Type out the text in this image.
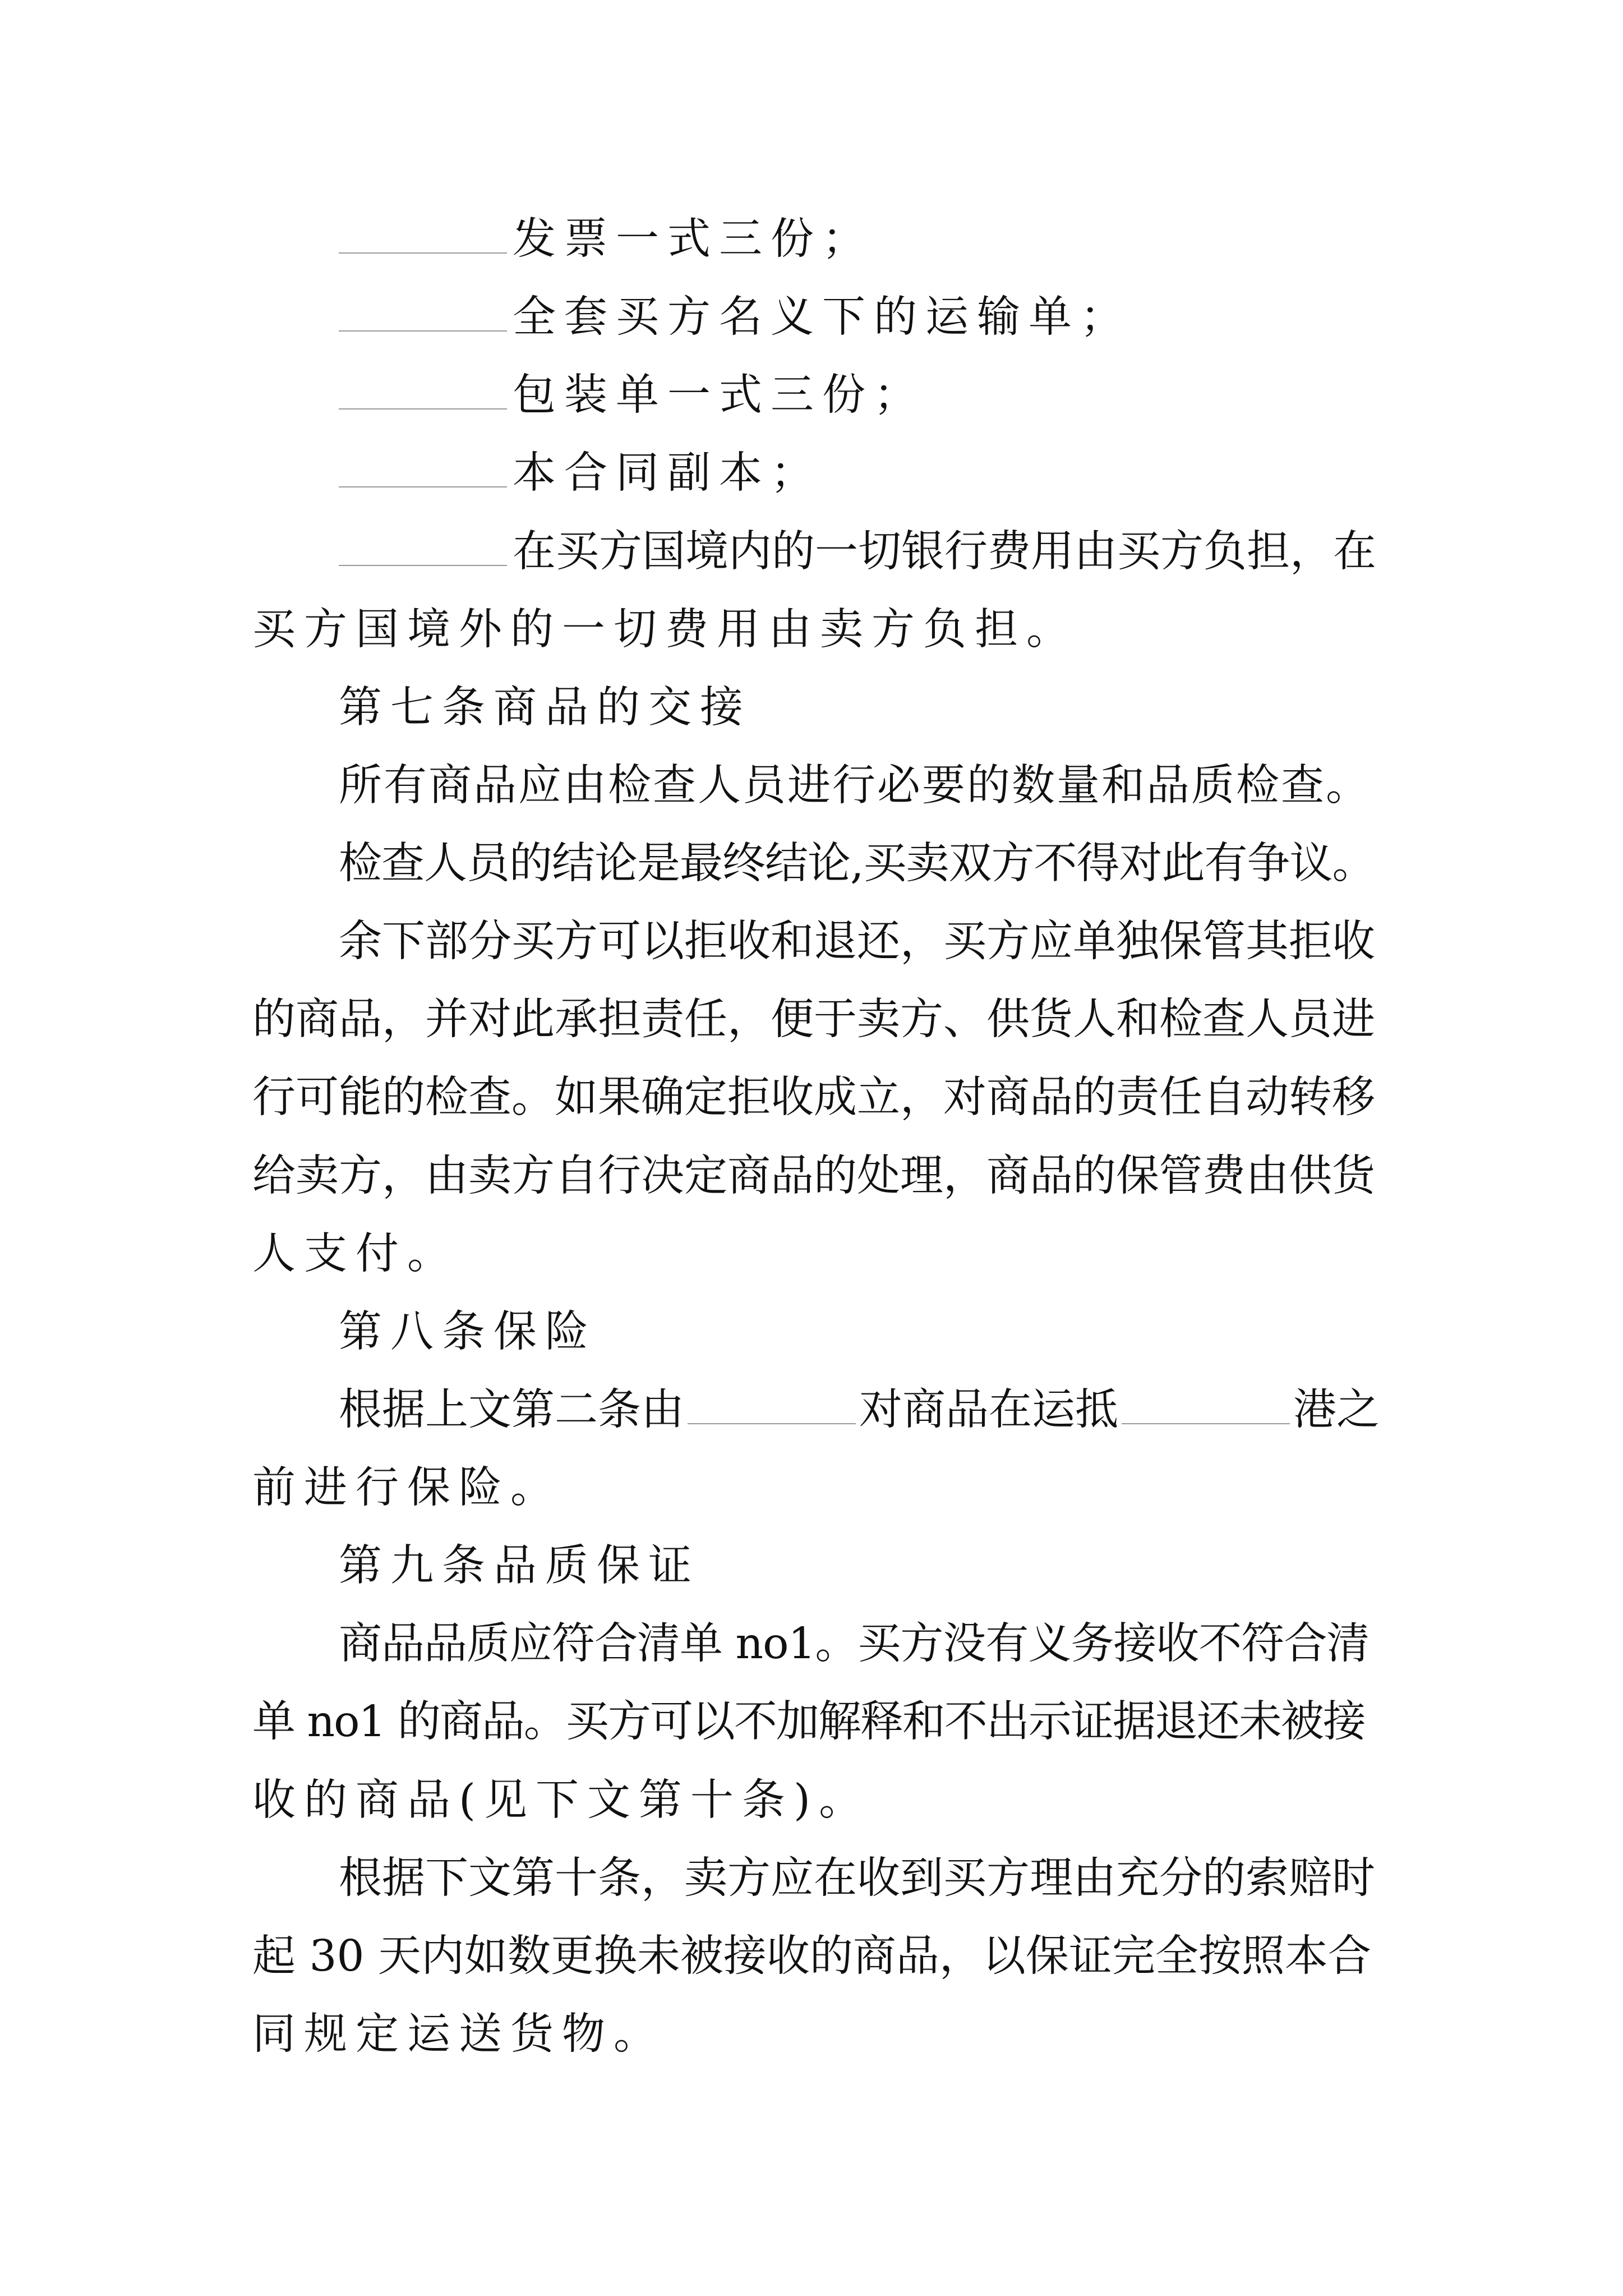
发票一式三份；
全套买方名义下的运输单；
包装单一式三份；
本合同副本；
在买方国境内的一切银行费用由买方负担，在
买方国境外的一切费用由卖方负担。
第七条商品的交接
所有商品应由检查人员进行必要的数量和品质检查。
检查人员的结论是最终结论,买卖双方不得对此有争议。
余下部分买方可以拒收和退还，买方应单独保管其拒收
的商品，并对此承担责任，便于卖方、供货人和检查人员进
行可能的检查。如果确定拒收成立，对商品的责任自动转移
给卖方，由卖方自行决定商品的处理，商品的保管费由供货
人支付。
第八条保险
根据上文第二条由	对商品在运抵	港之
前进行保险。
第九条品质保证
商品品质应符合清单 no1。买方没有义务接收不符合清
单 no1 的商品。买方可以不加解释和不出示证据退还未被接
收的商品(见下文第十条)。
根据下文第十条，卖方应在收到买方理由充分的索赔时
起 30 天内如数更换未被接收的商品，以保证完全按照本合
同规定运送货物。
